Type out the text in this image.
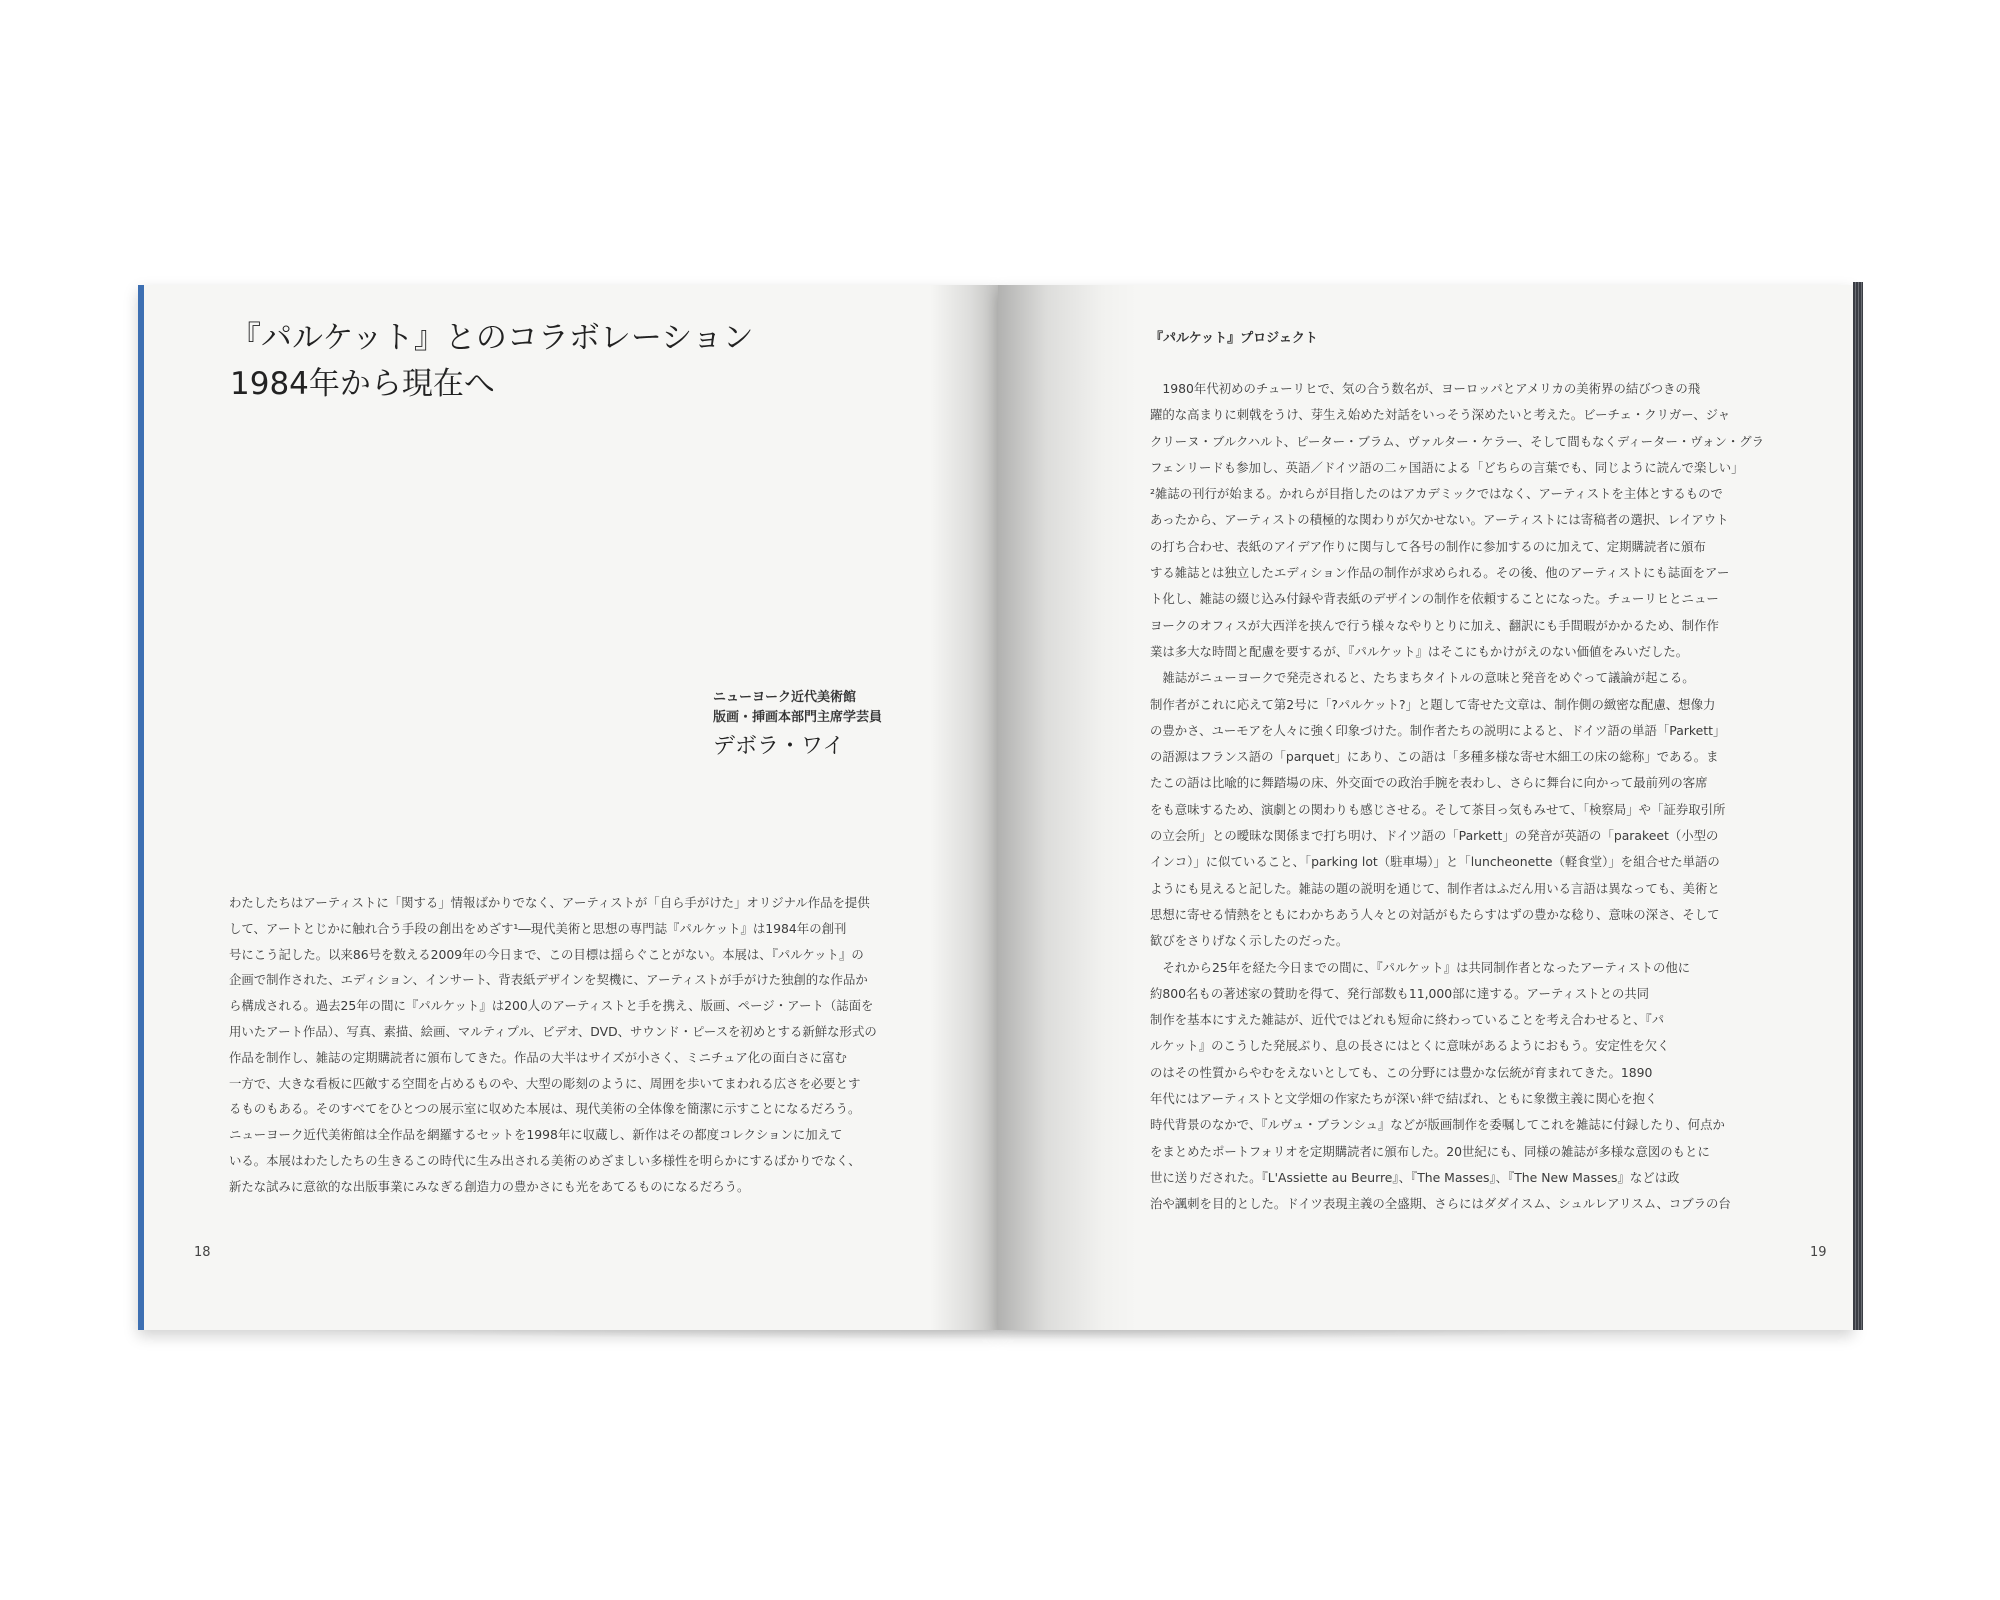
『パルケット』とのコラボレーション
1984年から現在へ
ニューヨーク近代美術館
版画・挿画本部門主席学芸員
デボラ・ワイ
わたしたちはアーティストに「関する」情報ばかりでなく、アーティストが「自ら手がけた」オリジナル作品を提供
して、アートとじかに触れ合う手段の創出をめざす¹―現代美術と思想の専門誌『パルケット』は1984年の創刊
号にこう記した。以来86号を数える2009年の今日まで、この目標は揺らぐことがない。本展は、『パルケット』の
企画で制作された、エディション、インサート、背表紙デザインを契機に、アーティストが手がけた独創的な作品か
ら構成される。過去25年の間に『パルケット』は200人のアーティストと手を携え、版画、ページ・アート（誌面を
用いたアート作品）、写真、素描、絵画、マルティプル、ビデオ、DVD、サウンド・ピースを初めとする新鮮な形式の
作品を制作し、雑誌の定期購読者に頒布してきた。作品の大半はサイズが小さく、ミニチュア化の面白さに富む
一方で、大きな看板に匹敵する空間を占めるものや、大型の彫刻のように、周囲を歩いてまわれる広さを必要とす
るものもある。そのすべてをひとつの展示室に収めた本展は、現代美術の全体像を簡潔に示すことになるだろう。
ニューヨーク近代美術館は全作品を網羅するセットを1998年に収蔵し、新作はその都度コレクションに加えて
いる。本展はわたしたちの生きるこの時代に生み出される美術のめざましい多様性を明らかにするばかりでなく、
新たな試みに意欲的な出版事業にみなぎる創造力の豊かさにも光をあてるものになるだろう。
18
『パルケット』プロジェクト
　1980年代初めのチューリヒで、気の合う数名が、ヨーロッパとアメリカの美術界の結びつきの飛
躍的な高まりに刺戟をうけ、芽生え始めた対話をいっそう深めたいと考えた。ビーチェ・クリガー、ジャ
クリーヌ・ブルクハルト、ピーター・ブラム、ヴァルター・ケラー、そして間もなくディーター・ヴォン・グラ
フェンリードも参加し、英語／ドイツ語の二ヶ国語による「どちらの言葉でも、同じように読んで楽しい」
²雑誌の刊行が始まる。かれらが目指したのはアカデミックではなく、アーティストを主体とするもので
あったから、アーティストの積極的な関わりが欠かせない。アーティストには寄稿者の選択、レイアウト
の打ち合わせ、表紙のアイデア作りに関与して各号の制作に参加するのに加えて、定期購読者に頒布
する雑誌とは独立したエディション作品の制作が求められる。その後、他のアーティストにも誌面をアー
ト化し、雑誌の綴じ込み付録や背表紙のデザインの制作を依頼することになった。チューリヒとニュー
ヨークのオフィスが大西洋を挟んで行う様々なやりとりに加え、翻訳にも手間暇がかかるため、制作作
業は多大な時間と配慮を要するが、『パルケット』はそこにもかけがえのない価値をみいだした。
　雑誌がニューヨークで発売されると、たちまちタイトルの意味と発音をめぐって議論が起こる。
制作者がこれに応えて第2号に「?パルケット?」と題して寄せた文章は、制作側の緻密な配慮、想像力
の豊かさ、ユーモアを人々に強く印象づけた。制作者たちの説明によると、ドイツ語の単語「Parkett」
の語源はフランス語の「parquet」にあり、この語は「多種多様な寄せ木細工の床の総称」である。ま
たこの語は比喩的に舞踏場の床、外交面での政治手腕を表わし、さらに舞台に向かって最前列の客席
をも意味するため、演劇との関わりも感じさせる。そして茶目っ気もみせて、「検察局」や「証券取引所
の立会所」との曖昧な関係まで打ち明け、ドイツ語の「Parkett」の発音が英語の「parakeet（小型の
インコ）」に似ていること、「parking lot（駐車場）」と「luncheonette（軽食堂）」を組合せた単語の
ようにも見えると記した。雑誌の題の説明を通じて、制作者はふだん用いる言語は異なっても、美術と
思想に寄せる情熱をともにわかちあう人々との対話がもたらすはずの豊かな稔り、意味の深さ、そして
歓びをさりげなく示したのだった。
　それから25年を経た今日までの間に、『パルケット』は共同制作者となったアーティストの他に
約800名もの著述家の賛助を得て、発行部数も11,000部に達する。アーティストとの共同
制作を基本にすえた雑誌が、近代ではどれも短命に終わっていることを考え合わせると、『パ
ルケット』のこうした発展ぶり、息の長さにはとくに意味があるようにおもう。安定性を欠く
のはその性質からやむをえないとしても、この分野には豊かな伝統が育まれてきた。1890
年代にはアーティストと文学畑の作家たちが深い絆で結ばれ、ともに象徴主義に関心を抱く
時代背景のなかで、『ルヴュ・ブランシュ』などが版画制作を委嘱してこれを雑誌に付録したり、何点か
をまとめたポートフォリオを定期購読者に頒布した。20世紀にも、同様の雑誌が多様な意図のもとに
世に送りだされた。『L'Assiette au Beurre』、『The Masses』、『The New Masses』などは政
治や諷刺を目的とした。ドイツ表現主義の全盛期、さらにはダダイスム、シュルレアリスム、コブラの台
19
